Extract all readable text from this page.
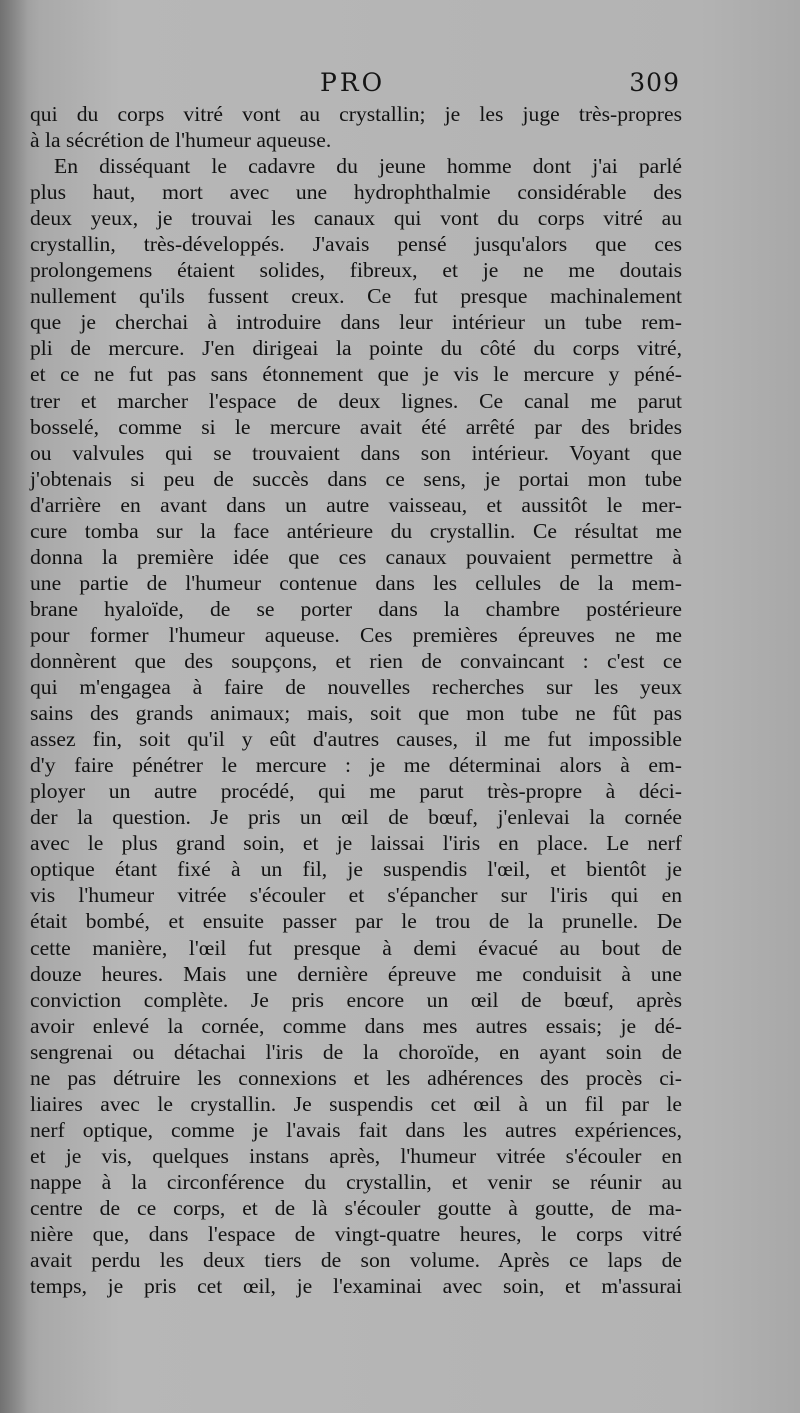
PRO	309
qui du corps vitré vont au crystallin; je les juge très-propres
à la sécrétion de l'humeur aqueuse.
En disséquant le cadavre du jeune homme dont j'ai parlé
plus haut, mort avec une hydrophthalmie considérable des
deux yeux, je trouvai les canaux qui vont du corps vitré au
crystallin, très-développés. J'avais pensé jusqu'alors que ces
prolongemens étaient solides, fibreux, et je ne me doutais
nullement qu'ils fussent creux. Ce fut presque machinalement
que je cherchai à introduire dans leur intérieur un tube rem-
pli de mercure. J'en dirigeai la pointe du côté du corps vitré,
et ce ne fut pas sans étonnement que je vis le mercure y péné-
trer et marcher l'espace de deux lignes. Ce canal me parut
bosselé, comme si le mercure avait été arrêté par des brides
ou valvules qui se trouvaient dans son intérieur. Voyant que
j'obtenais si peu de succès dans ce sens, je portai mon tube
d'arrière en avant dans un autre vaisseau, et aussitôt le mer-
cure tomba sur la face antérieure du crystallin. Ce résultat me
donna la première idée que ces canaux pouvaient permettre à
une partie de l'humeur contenue dans les cellules de la mem-
brane hyaloïde, de se porter dans la chambre postérieure
pour former l'humeur aqueuse. Ces premières épreuves ne me
donnèrent que des soupçons, et rien de convaincant : c'est ce
qui m'engagea à faire de nouvelles recherches sur les yeux
sains des grands animaux; mais, soit que mon tube ne fût pas
assez fin, soit qu'il y eût d'autres causes, il me fut impossible
d'y faire pénétrer le mercure : je me déterminai alors à em-
ployer un autre procédé, qui me parut très-propre à déci-
der la question. Je pris un œil de bœuf, j'enlevai la cornée
avec le plus grand soin, et je laissai l'iris en place. Le nerf
optique étant fixé à un fil, je suspendis l'œil, et bientôt je
vis l'humeur vitrée s'écouler et s'épancher sur l'iris qui en
était bombé, et ensuite passer par le trou de la prunelle. De
cette manière, l'œil fut presque à demi évacué au bout de
douze heures. Mais une dernière épreuve me conduisit à une
conviction complète. Je pris encore un œil de bœuf, après
avoir enlevé la cornée, comme dans mes autres essais; je dé-
sengrenai ou détachai l'iris de la choroïde, en ayant soin de
ne pas détruire les connexions et les adhérences des procès ci-
liaires avec le crystallin. Je suspendis cet œil à un fil par le
nerf optique, comme je l'avais fait dans les autres expériences,
et je vis, quelques instans après, l'humeur vitrée s'écouler en
nappe à la circonférence du crystallin, et venir se réunir au
centre de ce corps, et de là s'écouler goutte à goutte, de ma-
nière que, dans l'espace de vingt-quatre heures, le corps vitré
avait perdu les deux tiers de son volume. Après ce laps de
temps, je pris cet œil, je l'examinai avec soin, et m'assurai
